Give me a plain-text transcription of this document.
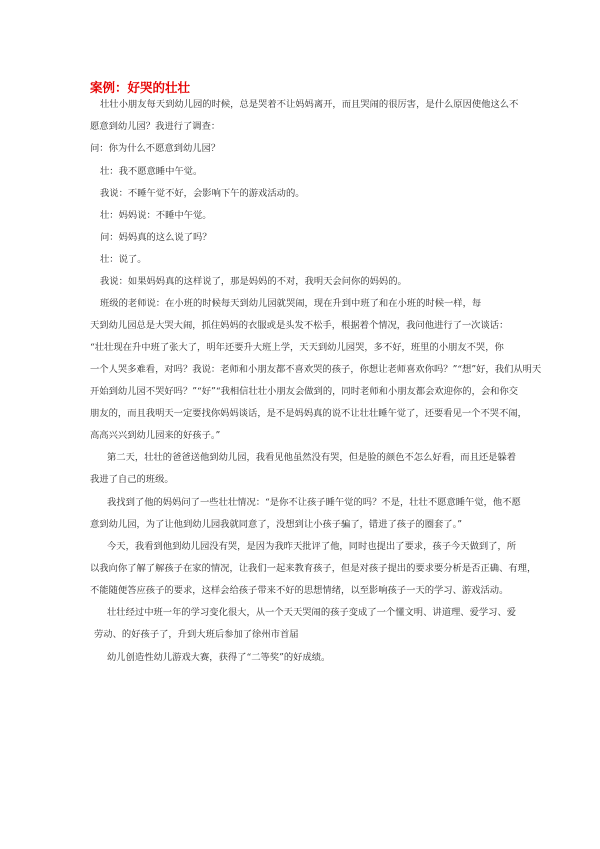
案例：好哭的壮壮
壮壮小朋友每天到幼儿园的时候，总是哭着不让妈妈离开，而且哭闹的很厉害，是什么原因使他这么不
愿意到幼儿园？我进行了调查：
问：你为什么不愿意到幼儿园？
壮：我不愿意睡中午觉。
我说：不睡午觉不好，会影响下午的游戏活动的。
壮：妈妈说：不睡中午觉。
问：妈妈真的这么说了吗？
壮：说了。
我说：如果妈妈真的这样说了，那是妈妈的不对，我明天会问你的妈妈的。
班级的老师说：在小班的时候每天到幼儿园就哭闹，现在升到中班了和在小班的时候一样，每
天到幼儿园总是大哭大闹，抓住妈妈的衣服或是头发不松手，根据着个情况，我问他进行了一次谈话：
“壮壮现在升中班了张大了，明年还要升大班上学，天天到幼儿园哭，多不好，班里的小朋友不哭，你
一个人哭多难看，对吗？我说：老师和小朋友都不喜欢哭的孩子，你想让老师喜欢你吗？”“想”好，我们从明天
开始到幼儿园不哭好吗？”“好”“我相信壮壮小朋友会做到的，同时老师和小朋友都会欢迎你的，会和你交
朋友的，而且我明天一定要找你妈妈谈话，是不是妈妈真的说不让壮壮睡午觉了，还要看见一个不哭不闹，
高高兴兴到幼儿园来的好孩子。”
第二天，壮壮的爸爸送他到幼儿园，我看见他虽然没有哭，但是脸的颜色不怎么好看，而且还是躲着
我进了自己的班级。
我找到了他的妈妈问了一些壮壮情况：“是你不让孩子睡午觉的吗？不是，壮壮不愿意睡午觉，他不愿
意到幼儿园，为了让他到幼儿园我就同意了，没想到让小孩子骗了，错进了孩子的圈套了。”
今天，我看到他到幼儿园没有哭，是因为我昨天批评了他，同时也提出了要求，孩子今天做到了，所
以我向你了解了解孩子在家的情况，让我们一起来教育孩子，但是对孩子提出的要求要分析是否正确、有理，
不能随便答应孩子的要求，这样会给孩子带来不好的思想情绪，以至影响孩子一天的学习、游戏活动。
壮壮经过中班一年的学习变化很大，从一个天天哭闹的孩子变成了一个懂文明、讲道理、爱学习、爱
劳动、的好孩子了，升到大班后参加了徐州市首届
幼儿创造性幼儿游戏大赛，获得了“二等奖”的好成绩。
